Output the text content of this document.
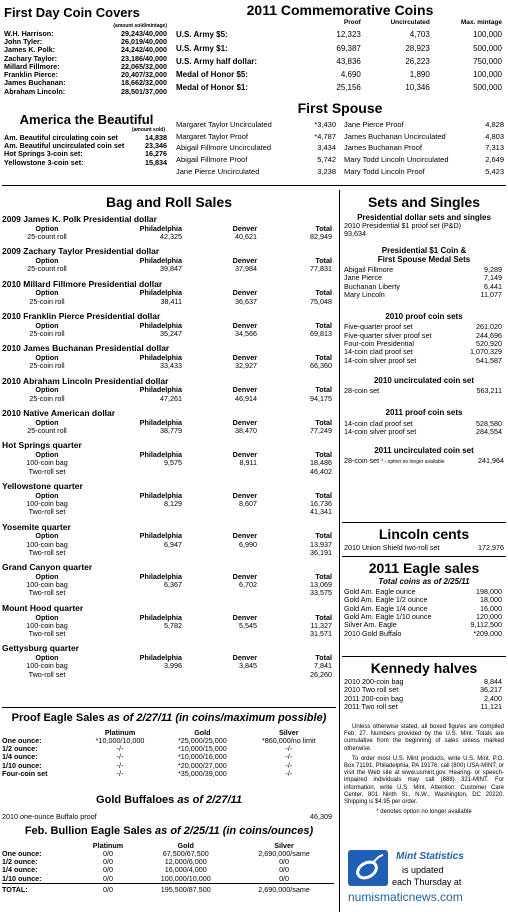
First Day Coin Covers
(amount sold/mintage)
W.H. Harrison:	29,243/40,000
John Tyler:	26,019/40,000
James K. Polk:	24,242/40,000
Zachary Taylor:	23,186/40,000
Millard Fillmore:	22,065/32,000
Franklin Pierce:	20,407/32,000
James Buchanan:	18,662/32,000
Abraham Lincoln:	28,501/37,000
2011 Commemorative Coins
	Proof	Uncirculated	Max. mintage
U.S. Army $5:	12,323	4,703	100,000
U.S. Army $1:	69,387	28,923	500,000
U.S. Army half dollar:	43,836	26,223	750,000
Medal of Honor $5:	4,690	1,890	100,000
Medal of Honor $1:	25,156	10,346	500,000
America the Beautiful
(amount sold)
Am. Beautiful circulating coin set	14,838
Am. Beautiful uncirculated coin set	23,346
Hot Springs 3-coin set:	16,276
Yellowstone 3-coin set:	15,834
First Spouse
Margaret Taylor Uncirculated	*3,430
Margaret Taylor Proof	*4,787
Abigail Fillmore Uncirculated	3,434
Abigail Fillmore Proof	5,742
Jane Pierce Uncirculated	3,238
Jane Pierce Proof	4,828
James Buchanan Uncirculated	4,803
James Buchanan Proof	7,313
Mary Todd Lincoln Uncirculated	2,649
Mary Todd Lincoln Proof	5,423
Bag and Roll Sales
2009 James K. Polk Presidential dollar
Option	Philadelphia	Denver	Total
25-count roll	42,325	40,621	82,949
2009 Zachary Taylor Presidential dollar
Option	Philadelphia	Denver	Total
25-count roll	39,847	37,984	77,831
2010 Millard Fillmore Presidential dollar
Option	Philadelphia	Denver	Total
25-coin roll	38,411	36,637	75,048
2010 Franklin Pierce Presidential dollar
Option	Philadelphia	Denver	Total
25-coin roll	35,247	34,566	69,813
2010 James Buchanan Presidential dollar
Option	Philadelphia	Denver	Total
25-coin roll	33,433	32,927	66,360
2010 Abraham Lincoln Presidential dollar
Option	Philadelphia	Denver	Total
25-coin roll	47,261	46,914	94,175
2010 Native American dollar
Option	Philadelphia	Denver	Total
25-count roll	38,779	38,470	77,249
Hot Springs quarter
Option	Philadelphia	Denver	Total
100-coin bag	9,575	8,911	18,486
Two-roll set			46,402
Yellowstone quarter
Option	Philadelphia	Denver	Total
100-coin bag	8,129	8,607	16,736
Two-roll set			41,341
Yosemite quarter
Option	Philadelphia	Denver	Total
100-coin bag	6,947	6,990	13,937
Two-roll set			36,191
Grand Canyon quarter
Option	Philadelphia	Denver	Total
100-coin bag	6,367	6,702	13,069
Two-roll set			33,575
Mount Hood quarter
Option	Philadelphia	Denver	Total
100-coin bag	5,782	5,545	11,327
Two-roll set			31,571
Gettysburg quarter
Option	Philadelphia	Denver	Total
100-coin bag	3,996	3,845	7,841
Two-roll set			26,260
Proof Eagle Sales as of 2/27/11 (in coins/maximum possible)
	Platinum	Gold	Silver
One ounce:	*10,000/10,000	*25,000/25,000	*860,000/no limit
1/2 ounce:	-/-	*10,000/15,000	-/-
1/4 ounce:	-/-	*10,000/16,000	-/-
1/10 ounce:	-/-	*20,000/27,000	-/-
Four-coin set	-/-	*35,000/39,000	-/-
Gold Buffaloes as of 2/27/11
2010 one-ounce Buffalo proof	46,309
Feb. Bullion Eagle Sales as of 2/25/11 (in coins/ounces)
	Platinum	Gold	Silver
One ounce:	0/0	67,500/67,500	2,690,000/same
1/2 ounce:	0/0	12,000/6,000	0/0
1/4 ounce:	0/0	16,000/4,000	0/0
1/10 ounce:	0/0	100,000/10,000	0/0
TOTAL:	0/0	195,500/87,500	2,690,000/same
Sets and Singles
Presidential dollar sets and singles
2010 Presidential $1 proof set (P&D)
93,634
Presidential $1 Coin &
First Spouse Medal Sets
Abigail Fillmore	9,289
Jane Pierce	7,149
Buchanan Liberty	6,441
Mary Lincoln	11,077
2010 proof coin sets
Five-quarter proof set	261,020
Five-quarter silver proof set	244,696
Four-coin Presidential	520,920
14-coin clad proof set	1,070,329
14-coin silver proof set	541,587
2010 uncirculated coin set
28-coin set	563,211
2011 proof coin sets
14-coin clad proof set	528,580
14-coin silver proof set	284,554
2011 uncirculated coin set
28-coin set * - option no longer available	241,964
Lincoln cents
2010 Union Shield two-roll set	172,976
2011 Eagle sales
Total coins as of 2/25/11
Gold Am. Eagle ounce	198,000
Gold Am. Eagle 1/2 ounce	18,000
Gold Am. Eagle 1/4 ounce	16,000
Gold Am. Eagle 1/10 ounce	120,000
Silver Am. Eagle	9,112,500
2010 Gold Buffalo	*209,000
Kennedy halves
2010 200-coin bag	8,844
2010 Two roll set	36,217
2011 200-coin bag	2,400
2011 Two roll set	11,121

Unless otherwise stated, all boxed figures are compiled Feb. 27. Numbers provided by the U.S. Mint. Totals are cumulative from the beginning of sales unless marked otherwise.

To order most U.S. Mint products, write U.S. Mint, P.O. Box 71191, Philadelphia, PA 19176; call (800) USA-MINT; or visit the Web site at www.usmint.gov. Hearing- or speech-impaired individuals may call (888) 321-MINT. For information, write U.S. Mint, Attention: Customer Care Center, 801 Ninth St., N.W., Washington, DC 20220. Shipping is $4.95 per order.

* denotes option no longer available

Mint Statistics
is updated
each Thursday at
numismaticnews.com
